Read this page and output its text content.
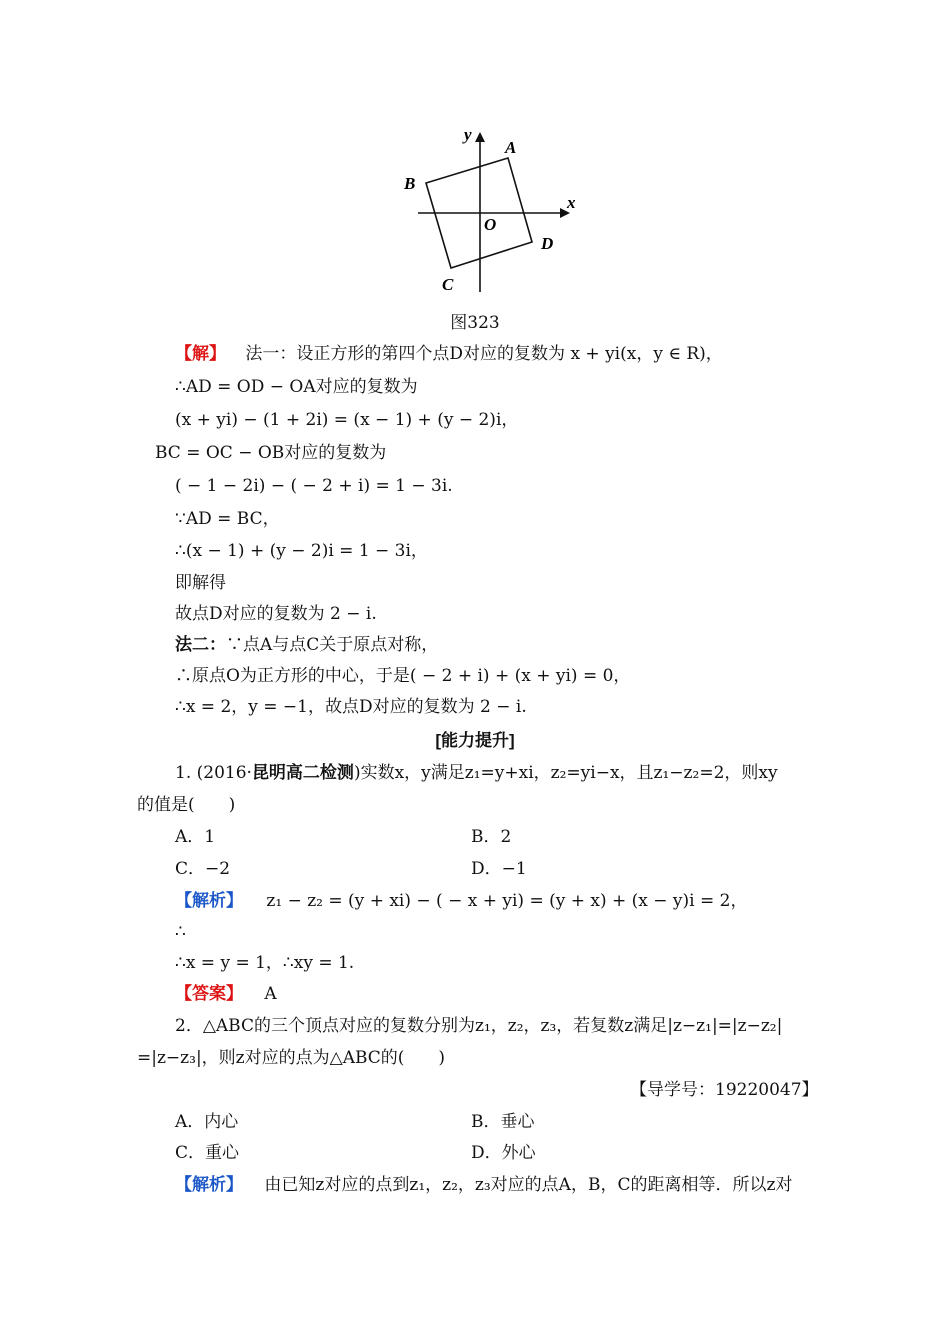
y
x
A
B
C
D
O
图323
【解】 法一：设正方形的第四个点D对应的复数为 x + yi(x，y ∈ R)，
∴AD = OD − OA对应的复数为
(x + yi) − (1 + 2i) = (x − 1) + (y − 2)i，
BC = OC − OB对应的复数为
( − 1 − 2i) − ( − 2 + i) = 1 − 3i.
∵AD = BC，
∴(x − 1) + (y − 2)i = 1 − 3i，
即解得
故点D对应的复数为 2 − i.
法二：∵点A与点C关于原点对称，
∴原点O为正方形的中心，于是( − 2 + i) + (x + yi) = 0，
∴x = 2，y = −1，故点D对应的复数为 2 − i.
[能力提升]
1. (2016·昆明高二检测)实数x，y满足z₁=y+xi，z₂=yi−x，且z₁−z₂=2，则xy
的值是(　　)
A．1	B．2
C．−2	D．−1
【解析】 z₁ − z₂ = (y + xi) − ( − x + yi) = (y + x) + (x − y)i = 2，
∴
∴x = y = 1，∴xy = 1.
【答案】 A
2．△ABC的三个顶点对应的复数分别为z₁，z₂，z₃，若复数z满足|z−z₁|=|z−z₂|
=|z−z₃|，则z对应的点为△ABC的(　　)
【导学号：19220047】
A．内心	B．垂心
C．重心	D．外心
【解析】 由已知z对应的点到z₁，z₂，z₃对应的点A，B，C的距离相等．所以z对
